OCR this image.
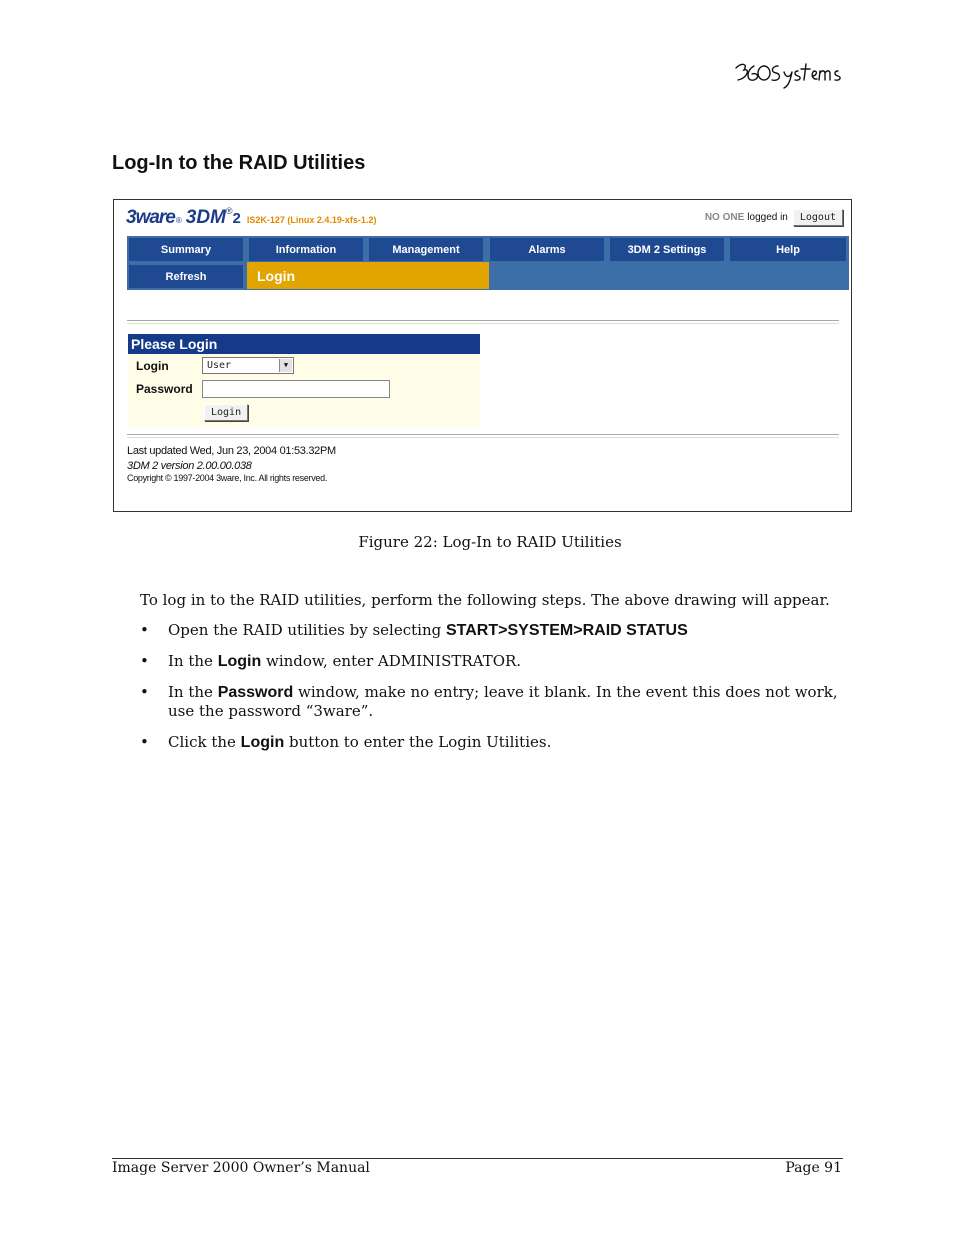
Log-In to the RAID Utilities
3ware ® 3DM ® 2 IS2K-127 (Linux 2.4.19-xfs-1.2)	NO ONE logged in	Logout
Summary	Information	Management	Alarms	3DM 2 Settings	Help
Refresh	Login
Please Login
Login	User	▼
Password
Login
Last updated Wed, Jun 23, 2004 01:53.32PM
3DM 2 version 2.00.00.038
Copyright © 1997-2004 3ware, Inc. All rights reserved.
Figure 22: Log-In to RAID Utilities
To log in to the RAID utilities, perform the following steps. The above drawing will appear.
• Open the RAID utilities by selecting START>SYSTEM>RAID STATUS
• In the Login window, enter ADMINISTRATOR.
• In the Password window, make no entry; leave it blank. In the event this does not work, use the password “3ware”.
• Click the Login button to enter the Login Utilities.
Image Server 2000 Owner’s Manual	Page 91
